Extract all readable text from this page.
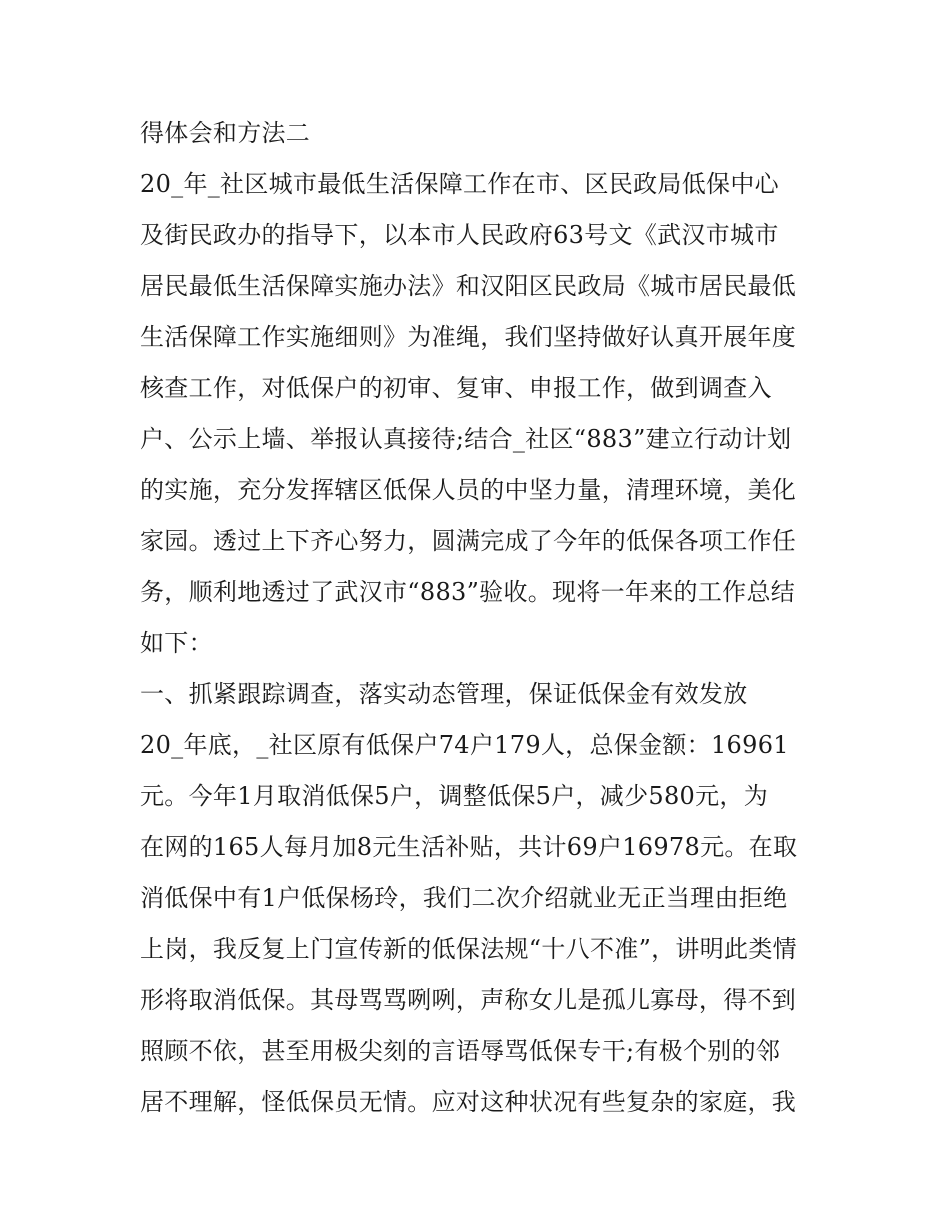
得体会和方法二
20_年_社区城市最低生活保障工作在市、区民政局低保中心
及街民政办的指导下，以本市人民政府63号文《武汉市城市
居民最低生活保障实施办法》和汉阳区民政局《城市居民最低
生活保障工作实施细则》为准绳，我们坚持做好认真开展年度
核查工作，对低保户的初审、复审、申报工作，做到调查入
户、公示上墙、举报认真接待;结合_社区“883”建立行动计划
的实施，充分发挥辖区低保人员的中坚力量，清理环境，美化
家园。透过上下齐心努力，圆满完成了今年的低保各项工作任
务，顺利地透过了武汉市“883”验收。现将一年来的工作总结
如下：
一、抓紧跟踪调查，落实动态管理，保证低保金有效发放
20_年底，_社区原有低保户74户179人，总保金额：16961
元。今年1月取消低保5户，调整低保5户，减少580元，为
在网的165人每月加8元生活补贴，共计69户16978元。在取
消低保中有1户低保杨玲，我们二次介绍就业无正当理由拒绝
上岗，我反复上门宣传新的低保法规“十八不准”，讲明此类情
形将取消低保。其母骂骂咧咧，声称女儿是孤儿寡母，得不到
照顾不依，甚至用极尖刻的言语辱骂低保专干;有极个别的邻
居不理解，怪低保员无情。应对这种状况有些复杂的家庭，我
